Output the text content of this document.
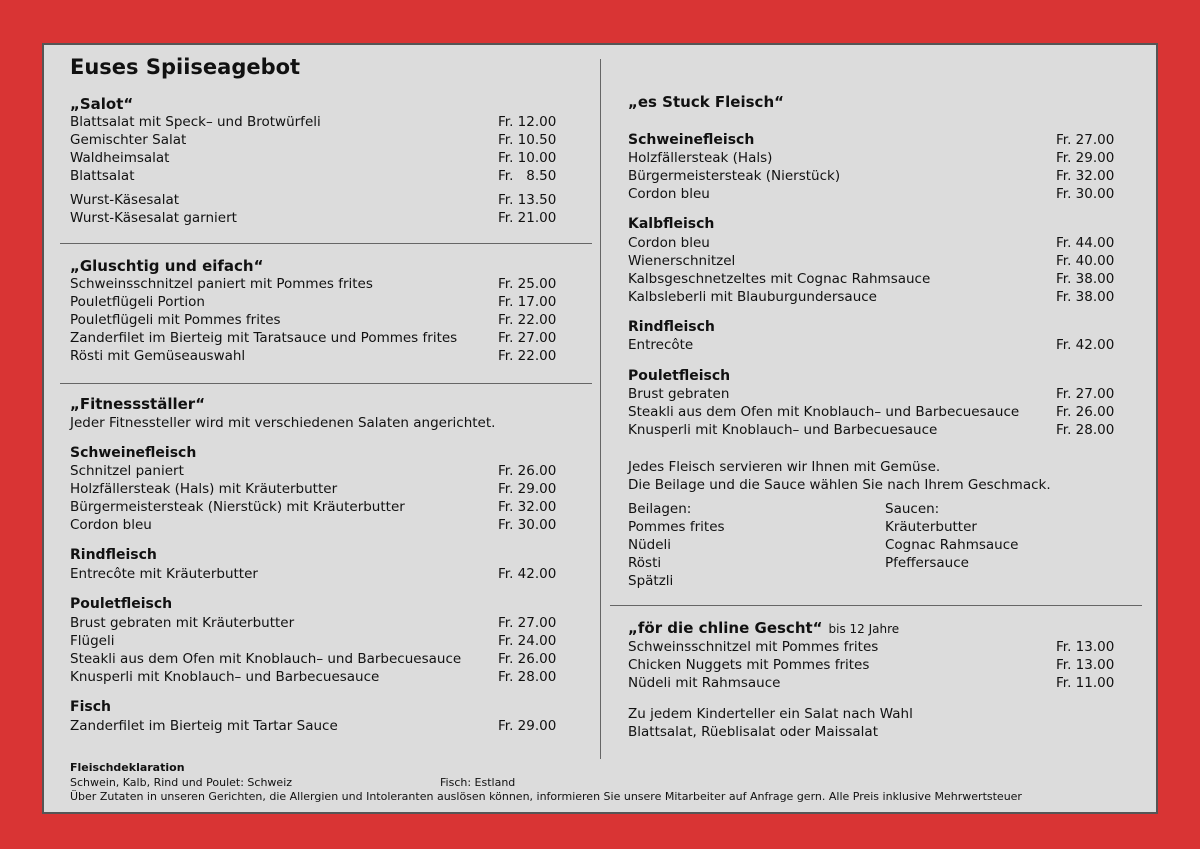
Euses Spiiseagebot
„Salot“
Blattsalat mit Speck– und Brotwürfeli	Fr. 12.00
Gemischter Salat	Fr. 10.50
Waldheimsalat	Fr. 10.00
Blattsalat	Fr.   8.50
Wurst-Käsesalat	Fr. 13.50
Wurst-Käsesalat garniert	Fr. 21.00
„Gluschtig und eifach“
Schweinsschnitzel paniert mit Pommes frites	Fr. 25.00
Pouletflügeli Portion	Fr. 17.00
Pouletflügeli mit Pommes frites	Fr. 22.00
Zanderfilet im Bierteig mit Taratsauce und Pommes frites	Fr. 27.00
Rösti mit Gemüseauswahl	Fr. 22.00
„Fitnessställer“
Jeder Fitnessteller wird mit verschiedenen Salaten angerichtet.
Schweinefleisch
Schnitzel paniert	Fr. 26.00
Holzfällersteak (Hals) mit Kräuterbutter	Fr. 29.00
Bürgermeistersteak (Nierstück) mit Kräuterbutter	Fr. 32.00
Cordon bleu	Fr. 30.00
Rindfleisch
Entrecôte mit Kräuterbutter	Fr. 42.00
Pouletfleisch
Brust gebraten mit Kräuterbutter	Fr. 27.00
Flügeli	Fr. 24.00
Steakli aus dem Ofen mit Knoblauch– und Barbecuesauce	Fr. 26.00
Knusperli mit Knoblauch– und Barbecuesauce	Fr. 28.00
Fisch
Zanderfilet im Bierteig mit Tartar Sauce	Fr. 29.00
Fleischdeklaration
Schwein, Kalb, Rind und Poulet: Schweiz	Fisch: Estland
Über Zutaten in unseren Gerichten, die Allergien und Intoleranten auslösen können, informieren Sie unsere Mitarbeiter auf Anfrage gern. Alle Preis inklusive Mehrwertsteuer
„es Stuck Fleisch“
Schweinefleisch	Fr. 27.00
Holzfällersteak (Hals)	Fr. 29.00
Bürgermeistersteak (Nierstück)	Fr. 32.00
Cordon bleu	Fr. 30.00
Kalbfleisch
Cordon bleu	Fr. 44.00
Wienerschnitzel	Fr. 40.00
Kalbsgeschnetzeltes mit Cognac Rahmsauce	Fr. 38.00
Kalbsleberli mit Blauburgundersauce	Fr. 38.00
Rindfleisch
Entrecôte	Fr. 42.00
Pouletfleisch
Brust gebraten	Fr. 27.00
Steakli aus dem Ofen mit Knoblauch– und Barbecuesauce	Fr. 26.00
Knusperli mit Knoblauch– und Barbecuesauce	Fr. 28.00
Jedes Fleisch servieren wir Ihnen mit Gemüse.
Die Beilage und die Sauce wählen Sie nach Ihrem Geschmack.
Beilagen:
Pommes frites
Nüdeli
Rösti
Spätzli
Saucen:
Kräuterbutter
Cognac Rahmsauce
Pfeffersauce
„för die chline Gescht“ bis 12 Jahre
Schweinsschnitzel mit Pommes frites	Fr. 13.00
Chicken Nuggets mit Pommes frites	Fr. 13.00
Nüdeli mit Rahmsauce	Fr. 11.00
Zu jedem Kinderteller ein Salat nach Wahl
Blattsalat, Rüeblisalat oder Maissalat
